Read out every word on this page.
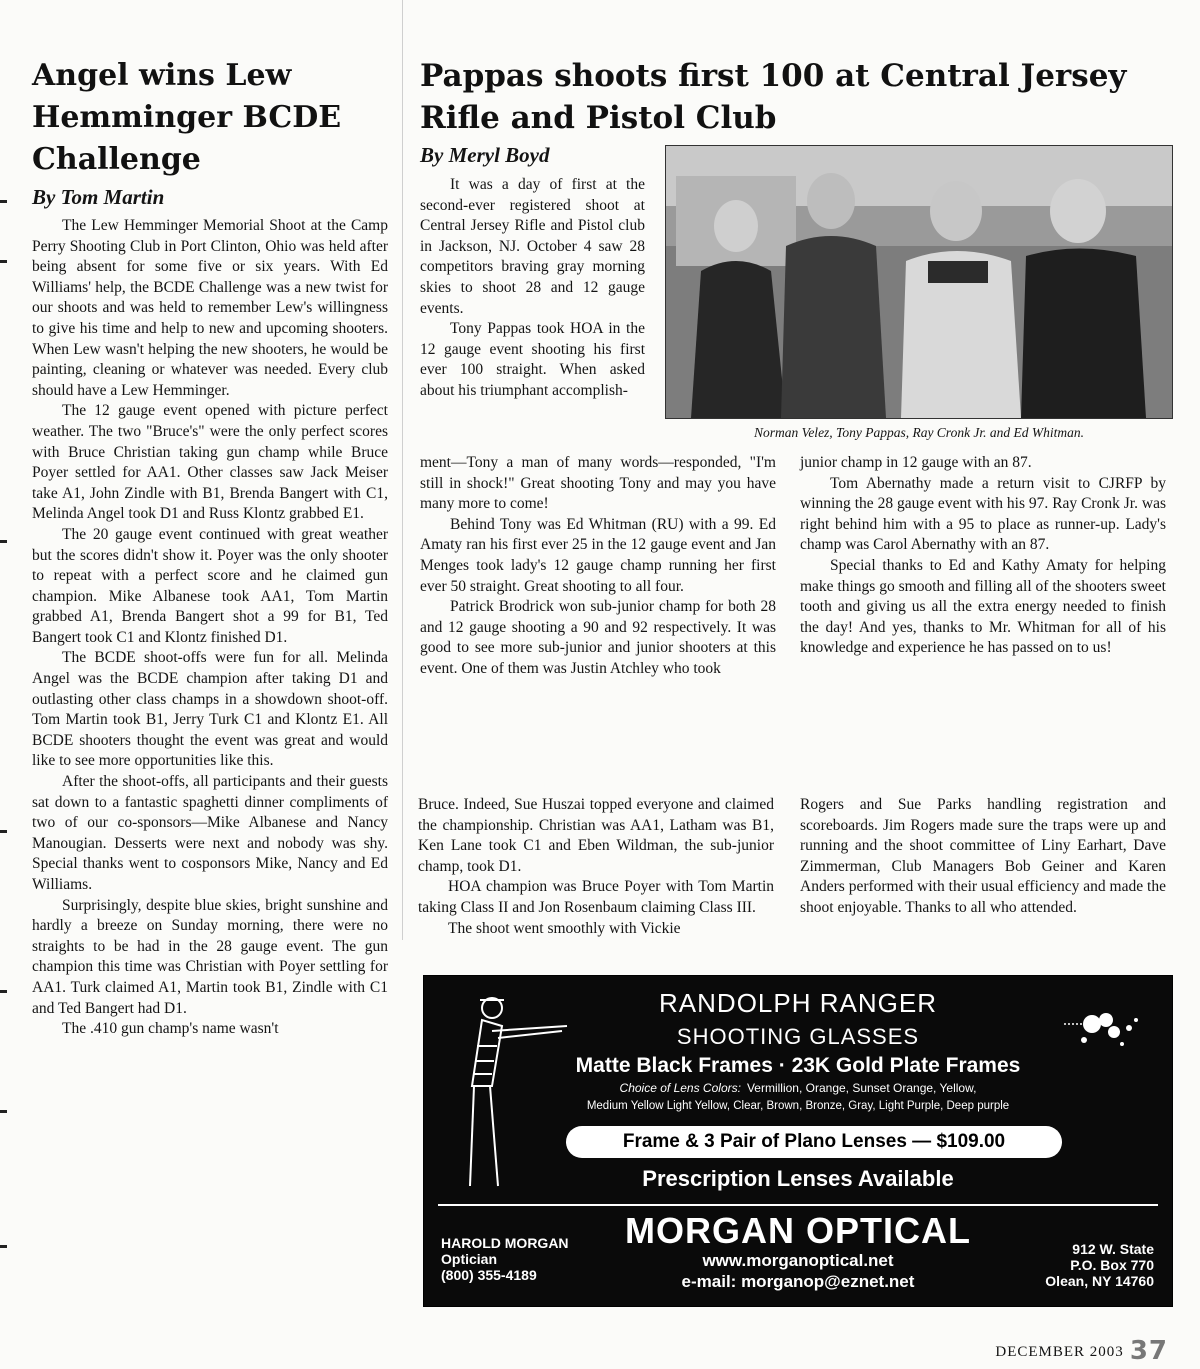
Angel wins Lew Hemminger BCDE Challenge
By Tom Martin

The Lew Hemminger Memorial Shoot at the Camp Perry Shooting Club in Port Clinton, Ohio was held after being absent for some five or six years. With Ed Williams' help, the BCDE Challenge was a new twist for our shoots and was held to remember Lew's willingness to give his time and help to new and upcoming shooters. When Lew wasn't helping the new shooters, he would be painting, cleaning or whatever was needed. Every club should have a Lew Hemminger.

The 12 gauge event opened with picture perfect weather. The two "Bruce's" were the only perfect scores with Bruce Christian taking gun champ while Bruce Poyer settled for AA1. Other classes saw Jack Meiser take A1, John Zindle with B1, Brenda Bangert with C1, Melinda Angel took D1 and Russ Klontz grabbed E1.

The 20 gauge event continued with great weather but the scores didn't show it. Poyer was the only shooter to repeat with a perfect score and he claimed gun champion. Mike Albanese took AA1, Tom Martin grabbed A1, Brenda Bangert shot a 99 for B1, Ted Bangert took C1 and Klontz finished D1.

The BCDE shoot-offs were fun for all. Melinda Angel was the BCDE champion after taking D1 and outlasting other class champs in a showdown shoot-off. Tom Martin took B1, Jerry Turk C1 and Klontz E1. All BCDE shooters thought the event was great and would like to see more opportunities like this.

After the shoot-offs, all participants and their guests sat down to a fantastic spaghetti dinner compliments of two of our co-sponsors—Mike Albanese and Nancy Manougian. Desserts were next and nobody was shy. Special thanks went to cosponsors Mike, Nancy and Ed Williams.

Surprisingly, despite blue skies, bright sunshine and hardly a breeze on Sunday morning, there were no straights to be had in the 28 gauge event. The gun champion this time was Christian with Poyer settling for AA1. Turk claimed A1, Martin took B1, Zindle with C1 and Ted Bangert had D1.

The .410 gun champ's name wasn't

Pappas shoots first 100 at Central Jersey Rifle and Pistol Club
By Meryl Boyd

It was a day of first at the second-ever registered shoot at Central Jersey Rifle and Pistol club in Jackson, NJ. October 4 saw 28 competitors braving gray morning skies to shoot 28 and 12 gauge events.

Tony Pappas took HOA in the 12 gauge event shooting his first ever 100 straight. When asked about his triumphant accomplish-

Norman Velez, Tony Pappas, Ray Cronk Jr. and Ed Whitman.

ment—Tony a man of many words—responded, "I'm still in shock!" Great shooting Tony and may you have many more to come!

Behind Tony was Ed Whitman (RU) with a 99. Ed Amaty ran his first ever 25 in the 12 gauge event and Jan Menges took lady's 12 gauge champ running her first ever 50 straight. Great shooting to all four.

Patrick Brodrick won sub-junior champ for both 28 and 12 gauge shooting a 90 and 92 respectively. It was good to see more sub-junior and junior shooters at this event. One of them was Justin Atchley who took

junior champ in 12 gauge with an 87.

Tom Abernathy made a return visit to CJRFP by winning the 28 gauge event with his 97. Ray Cronk Jr. was right behind him with a 95 to place as runner-up. Lady's champ was Carol Abernathy with an 87.

Special thanks to Ed and Kathy Amaty for helping make things go smooth and filling all of the shooters sweet tooth and giving us all the extra energy needed to finish the day! And yes, thanks to Mr. Whitman for all of his knowledge and experience he has passed on to us!

Bruce. Indeed, Sue Huszai topped everyone and claimed the championship. Christian was AA1, Latham was B1, Ken Lane took C1 and Eben Wildman, the sub-junior champ, took D1.

HOA champion was Bruce Poyer with Tom Martin taking Class II and Jon Rosenbaum claiming Class III.

The shoot went smoothly with Vickie

Rogers and Sue Parks handling registration and scoreboards. Jim Rogers made sure the traps were up and running and the shoot committee of Liny Earhart, Dave Zimmerman, Club Managers Bob Geiner and Karen Anders performed with their usual efficiency and made the shoot enjoyable. Thanks to all who attended.

RANDOLPH RANGER
SHOOTING GLASSES
Matte Black Frames · 23K Gold Plate Frames
Choice of Lens Colors: Vermillion, Orange, Sunset Orange, Yellow,
Medium Yellow Light Yellow, Clear, Brown, Bronze, Gray, Light Purple, Deep purple
Frame & 3 Pair of Plano Lenses — $109.00
Prescription Lenses Available
MORGAN OPTICAL
www.morganoptical.net
e-mail: morganop@eznet.net
HAROLD MORGAN
Optician
(800) 355-4189
912 W. State
P.O. Box 770
Olean, NY 14760
DECEMBER 2003 37
